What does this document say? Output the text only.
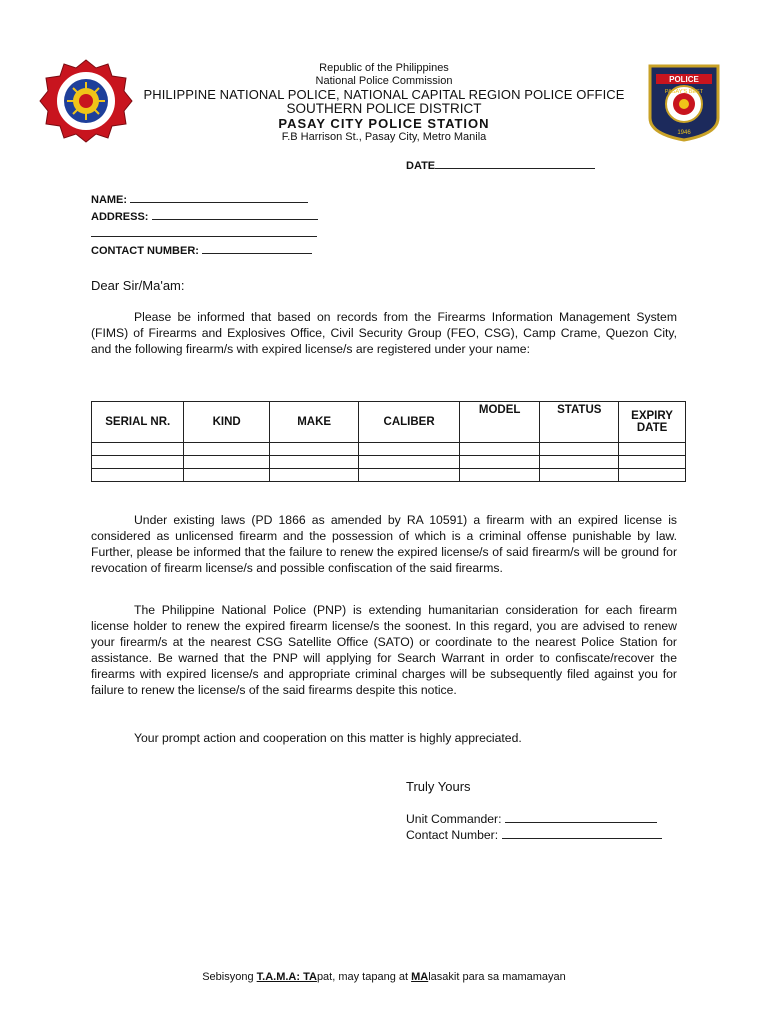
POLICE
PASAY'S BEST
1946
Republic of the Philippines
National Police Commission
PHILIPPINE NATIONAL POLICE, NATIONAL CAPITAL REGION POLICE OFFICE
SOUTHERN POLICE DISTRICT
PASAY CITY POLICE STATION
F.B Harrison St., Pasay City, Metro Manila
DATE
NAME:
ADDRESS:
CONTACT NUMBER:
Dear Sir/Ma'am:
Please be informed that based on records from the Firearms Information Management System (FIMS) of Firearms and Explosives Office, Civil Security Group (FEO, CSG), Camp Crame, Quezon City, and the following firearm/s with expired license/s are registered under your name:
SERIAL NR.	KIND	MAKE	CALIBER	MODEL	STATUS	EXPIRY DATE

Under existing laws (PD 1866 as amended by RA 10591) a firearm with an expired license is considered as unlicensed firearm and the possession of which is a criminal offense punishable by law. Further, please be informed that the failure to renew the expired license/s of said firearm/s will be ground for revocation of firearm license/s and possible confiscation of the said firearms.
The Philippine National Police (PNP) is extending humanitarian consideration for each firearm license holder to renew the expired firearm license/s the soonest. In this regard, you are advised to renew your firearm/s at the nearest CSG Satellite Office (SATO) or coordinate to the nearest Police Station for assistance. Be warned that the PNP will applying for Search Warrant in order to confiscate/recover the firearms with expired license/s and appropriate criminal charges will be subsequently filed against you for failure to renew the license/s of the said firearms despite this notice.
Your prompt action and cooperation on this matter is highly appreciated.
Truly Yours
Unit Commander:
Contact Number:
Sebisyong T.A.M.A: TApat, may tapang at MAlasakit para sa mamamayan
